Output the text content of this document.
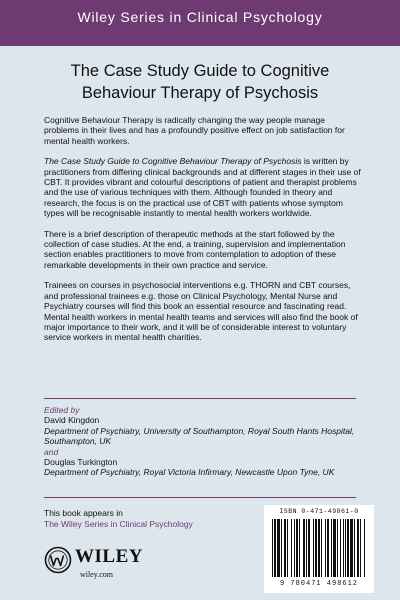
Wiley Series in Clinical Psychology
The Case Study Guide to Cognitive
Behaviour Therapy of Psychosis

Cognitive Behaviour Therapy is radically changing the way people manage problems in their lives and has a profoundly positive effect on job satisfaction for mental health workers.

The Case Study Guide to Cognitive Behaviour Therapy of Psychosis is written by practitioners from differing clinical backgrounds and at different stages in their use of CBT. It provides vibrant and colourful descriptions of patient and therapist problems and the use of various techniques with them. Although founded in theory and research, the focus is on the practical use of CBT with patients whose symptom types will be recognisable instantly to mental health workers worldwide.

There is a brief description of therapeutic methods at the start followed by the collection of case studies. At the end, a training, supervision and implementation section enables practitioners to move from contemplation to adoption of these remarkable developments in their own practice and service.

Trainees on courses in psychosocial interventions e.g. THORN and CBT courses, and professional trainees e.g. those on Clinical Psychology, Mental Nurse and Psychiatry courses will find this book an essential resource and fascinating read. Mental health workers in mental health teams and services will also find the book of major importance to their work, and it will be of considerable interest to voluntary service workers in mental health charities.

Edited by
David Kingdon
Department of Psychiatry, University of Southampton, Royal South Hants Hospital, Southampton, UK
and
Douglas Turkington
Department of Psychiatry, Royal Victoria Infirmary, Newcastle Upon Tyne, UK
This book appears in
The Wiley Series in Clinical Psychology
ISBN 0-471-49861-0
9 780471 498612
WILEY
wiley.com
